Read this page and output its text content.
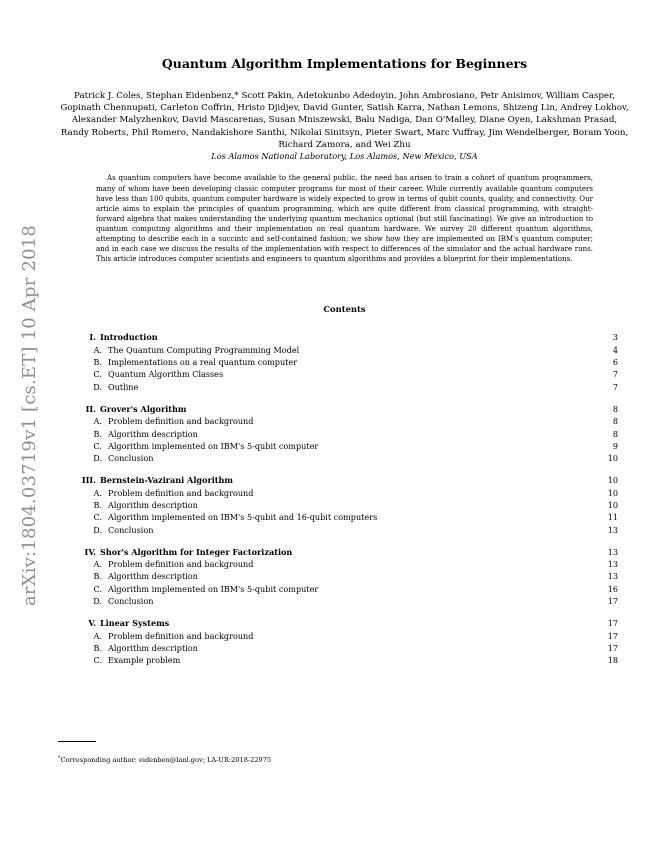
arXiv:1804.03719v1 [cs.ET] 10 Apr 2018
Quantum Algorithm Implementations for Beginners

Patrick J. Coles, Stephan Eidenbenz,* Scott Pakin, Adetokunbo Adedoyin, John Ambrosiano, Petr Anisimov, William Casper, Gopinath Chennupati, Carleton Coffrin, Hristo Djidjev, David Gunter, Satish Karra, Nathan Lemons, Shizeng Lin, Andrey Lokhov, Alexander Malyzhenkov, David Mascarenas, Susan Mniszewski, Balu Nadiga, Dan O'Malley, Diane Oyen, Lakshman Prasad, Randy Roberts, Phil Romero, Nandakishore Santhi, Nikolai Sinitsyn, Pieter Swart, Marc Vuffray, Jim Wendelberger, Boram Yoon, Richard Zamora, and Wei Zhu

Los Alamos National Laboratory, Los Alamos, New Mexico, USA

As quantum computers have become available to the general public, the need has arisen to train a cohort of quantum programmers, many of whom have been developing classic computer programs for most of their career. While currently available quantum computers have less than 100 qubits, quantum computer hardware is widely expected to grow in terms of qubit counts, quality, and connectivity. Our article aims to explain the principles of quantum programming, which are quite different from classical programming, with straight-forward algebra that makes understanding the underlying quantum mechanics optional (but still fascinating). We give an introduction to quantum computing algorithms and their implementation on real quantum hardware. We survey 20 different quantum algorithms, attempting to describe each in a succintc and self-contained fashion; we show how they are implemented on IBM's quantum computer; and in each case we discuss the results of the implementation with respect to differences of the simulator and the actual hardware runs. This article introduces computer scientists and engineers to quantum algorithms and provides a blueprint for their implementations.

Contents
I. Introduction	3
A. The Quantum Computing Programming Model	4
B. Implementations on a real quantum computer	6
C. Quantum Algorithm Classes	7
D. Outline	7
II. Grover's Algorithm	8
A. Problem definition and background	8
B. Algorithm description	8
C. Algorithm implemented on IBM's 5-qubit computer	9
D. Conclusion	10
III. Bernstein-Vazirani Algorithm	10
A. Problem definition and background	10
B. Algorithm description	10
C. Algorithm implemented on IBM's 5-qubit and 16-qubit computers	11
D. Conclusion	13
IV. Shor's Algorithm for Integer Factorization	13
A. Problem definition and background	13
B. Algorithm description	13
C. Algorithm implemented on IBM's 5-qubit computer	16
D. Conclusion	17
V. Linear Systems	17
A. Problem definition and background	17
B. Algorithm description	17
C. Example problem	18
*Corresponding author: eidenben@lanl.gov; LA-UR:2018-22975
